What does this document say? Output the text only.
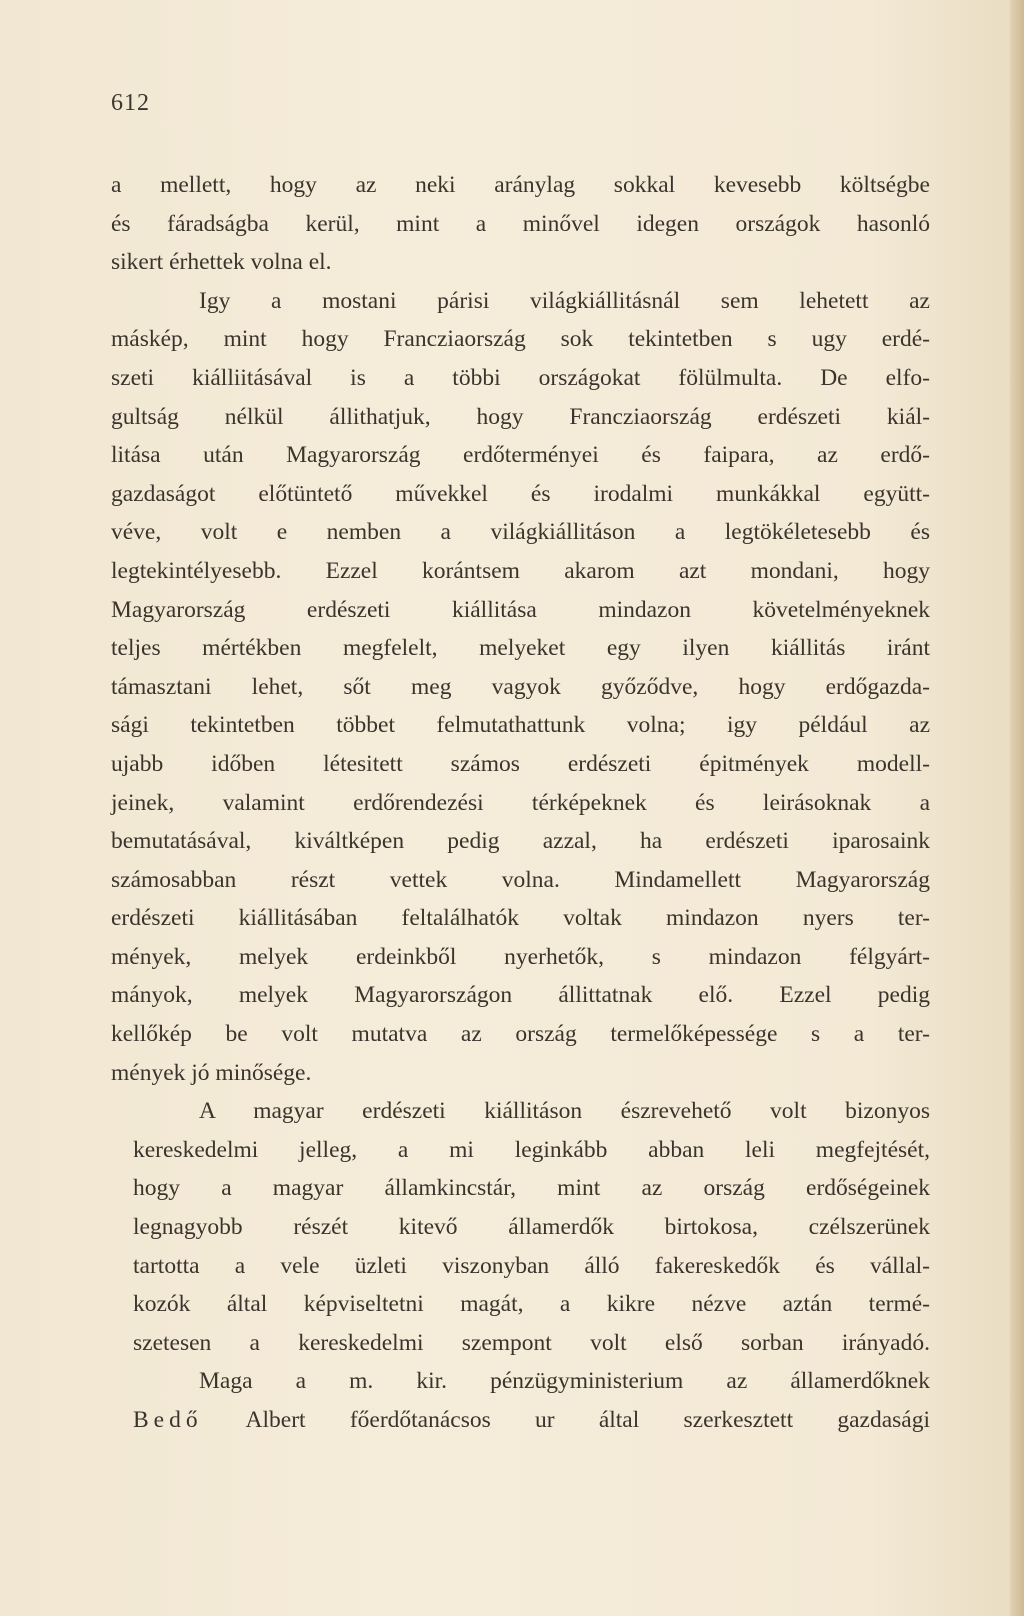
612
a mellett, hogy az neki aránylag sokkal kevesebb költségbe
és fáradságba kerül, mint a minővel idegen országok hasonló
sikert érhettek volna el.
Igy a mostani párisi világkiállitásnál sem lehetett az
máskép, mint hogy Francziaország sok tekintetben s ugy erdé-
szeti kiálliitásával is a többi országokat fölülmulta. De elfo-
gultság nélkül állithatjuk, hogy Francziaország erdészeti kiál-
litása után Magyarország erdőterményei és faipara, az erdő-
gazdaságot előtüntető művekkel és irodalmi munkákkal együtt-
véve, volt e nemben a világkiállitáson a legtökéletesebb és
legtekintélyesebb. Ezzel korántsem akarom azt mondani, hogy
Magyarország erdészeti kiállitása mindazon követelményeknek
teljes mértékben megfelelt, melyeket egy ilyen kiállitás iránt
támasztani lehet, sőt meg vagyok győződve, hogy erdőgazda-
sági tekintetben többet felmutathattunk volna; igy például az
ujabb időben létesitett számos erdészeti épitmények modell-
jeinek, valamint erdőrendezési térképeknek és leirásoknak a
bemutatásával, kiváltképen pedig azzal, ha erdészeti iparosaink
számosabban részt vettek volna. Mindamellett Magyarország
erdészeti kiállitásában feltalálhatók voltak mindazon nyers ter-
mények, melyek erdeinkből nyerhetők, s mindazon félgyárt-
mányok, melyek Magyarországon állittatnak elő. Ezzel pedig
kellőkép be volt mutatva az ország termelőképessége s a ter-
mények jó minősége.
A magyar erdészeti kiállitáson észrevehető volt bizonyos
kereskedelmi jelleg, a mi leginkább abban leli megfejtését,
hogy a magyar államkincstár, mint az ország erdőségeinek
legnagyobb részét kitevő államerdők birtokosa, czélszerünek
tartotta a vele üzleti viszonyban álló fakereskedők és vállal-
kozók által képviseltetni magát, a kikre nézve aztán termé-
szetesen a kereskedelmi szempont volt első sorban irányadó.
Maga a m. kir. pénzügyministerium az államerdőknek
Bedő Albert főerdőtanácsos ur által szerkesztett gazdasági
